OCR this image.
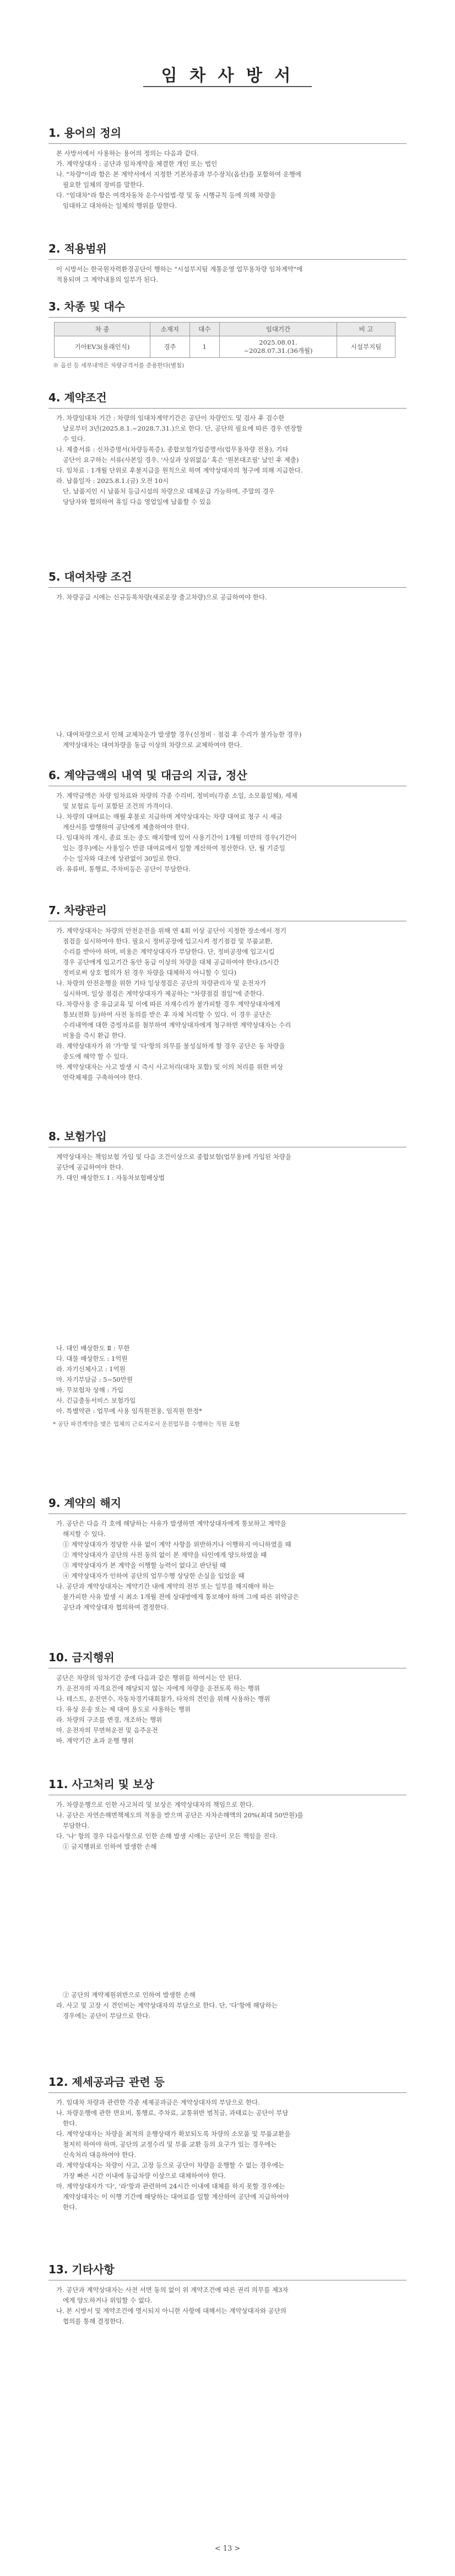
임 차 사 방 서
1. 용어의 정의

본 사방서에서 사용하는 용어의 정의는 다음과 같다.

가. 계약상대자 : 공단과 임차계약을 체결한 개인 또는 법인

나. "차량"이라 함은 본 계약서에서 지정한 기본차종과 부수장치(옵션)를 포함하여 운행에

필요한 일체의 장비를 말한다.

다. "임대차"라 함은 여객자동차 운수사업법·령 및 동 시행규칙 등에 의해 차량을

임대하고 대차하는 일체의 행위를 말한다.

2. 적용범위

이 시방서는 한국원자력환경공단이 행하는 "시설부지팀 계통운영 업무용차량 임차계약"에

적용되며 그 계약내용의 일부가 된다.

3. 차종 및 대수
차 종	소재지	대수	임대기간	비 고
기아EV3(용래인식)	경주	1	2025.08.01.
~2028.07.31.(36개월)	시설부지팀

※ 옵션 등 세부내역은 차량규격서를 준용한다(별첨)

4. 계약조건

가. 차량임대차 기간 : 차량의 임대차계약기간은 공단이 차량인도 및 검사 후 검수한

날로부터 3년(2025.8.1.~2028.7.31.)으로 한다. 단, 공단의 필요에 따른 경우 연장할

수 있다.

나. 제출서류 : 신차증명서(차량등록증), 종합보험가입증명서(업무용차량 전용), 기타

공단이 요구하는 서류(사본일 경우, '사실과 상위없음' 혹은 '원본대조필' 날인 후 제출)

다. 임차료 : 1개월 단위로 후불지급을 원칙으로 하며 계약상대자의 청구에 의해 지급한다.

라. 납품일자 : 2025.8.1.(금) 오전 10시

단, 납품지인 시 납품처 등급시설의 차량으로 대체운급 가능하며, 주말의 경우

당담자와 협의하여 휴일 다음 영업일에 납품할 수 있음

5. 대여차량 조건

가. 차량공급 시에는 신규등록차량(새로운장 출고차량)으로 공급하여야 한다.

나. 대여차량으로서 인해 교체차운가 발생할 경우(신정비 · 점검 후 수리가 불가능한 경우)

계약상대자는 대여차량을 동급 이상의 차량으로 교체하여야 한다.

6. 계약금액의 내역 및 대금의 지급, 정산

가. 계약금액은 차량 임차료와 차량의 각종 수리비, 정비비(각종 소일, 소모품일체), 세제

및 보험료 등이 포함된 조건의 가격이다.

나. 차량의 대여료는 매월 후불로 지급하며 계약상대자는 차량 대여료 청구 시 세금

계산서를 발행하여 공단에게 제출하여야 한다.

다. 임대차의 개시, 종료 또는 중도 해지함에 있어 사용기간이 1개월 미만의 경우(기간이

있는 경우)에는 사용일수 만큼 대여료에서 일할 계산하여 정산한다. 단, 월 기준일

수는 일자와 대조에 상관없이 30일로 한다.

라. 유류비, 통행료, 주차비등은 공단이 부담한다.

7. 차량관리

가. 계약상대자는 차량의 안전운전을 위해 연 4회 이상 공단이 지정한 장소에서 정기

점검을 실시하여야 한다. 필요시 정비공장에 입고시켜 정기점검 및 부품교환,

수리를 받아야 하며, 비용은 계약상대자가 부담한다. 단, 정비공장에 입고시킬

경우 공단에게 입고기간 동안 동급 이상의 차량을 대체 공급하여야 한다.(5시간

정비로써 상호 협의가 된 경우 차량을 대체하지 아니할 수 있다)

나. 차량의 안전운행을 위한 기타 일상정검은 공단의 차량관리자 및 운전자가

실시하며, 일상 점검은 계약상대자가 제공하는 "차량점검 점일"에 준한다.

다. 차량사용 중 유급교육 및 이에 따른 자재수리가 불가피할 경우 계약상대자에게

통보(전화 등)하여 사전 동의를 받은 후 자체 처리할 수 있다. 이 경우 공단은

수리내역에 대한 증빙자료를 첨부하여 계약상대자에게 청구하면 계약상대자는 수리

비용을 즉시 환급 한다.

라. 계약상대자가 위 '가'항 및 '다'항의 의무를 불성실하게 할 경우 공단은 동 차량을

중도에 해약 할 수 있다.

마. 계약상대자는 사고 발생 시 즉시 사고처리(대차 포함) 및 이의 처리를 위한 비상

연락체제를 구축하여야 한다.

8. 보험가입

계약상대자는 책임보험 가입 및 다음 조건이상으로 종합보험(업무용)에 가입된 차량을

공단에 공급하여야 한다.

가. 대인 배상한도 Ⅰ : 자동차보험배상법

나. 대인 배상한도 Ⅱ : 무한

다. 대물 배상한도 : 1억원

라. 자기신체사고 : 1억원

마. 자기부담금 : 5~50만원

바. 무보험차 상해 : 가입

사. 긴급출동서비스 보험가입

아. 특별약관 : 업무에 사용 임직원전용, 임직원 한정*

* 공단 파견계약을 맺은 업체의 근로자로서 운전업무를 수행하는 직원 포함

9. 계약의 해지

가. 공단은 다음 각 호에 해당하는 사유가 발생하면 계약상대자에게 통보하고 계약을

해지할 수 있다.

① 계약상대자가 정당한 사유 없이 계약 사항을 위반하거나 이행하지 아니하였을 때

② 계약상대자가 공단의 사전 동의 없이 본 계약을 타인에게 양도하였을 때

③ 계약상대자가 본 계약을 이행할 능력이 없다고 판단될 때

④ 계약상대자가 인하여 공단의 업무수행 상당한 손실을 입었을 때

나. 공단과 계약상대자는 계약기간 내에 계약의 전부 또는 일부를 해지해야 하는

불가피한 사유 발생 시 최소 1개월 전에 상대방에게 통보해야 하며 그에 따른 위약금은

공단과 계약상대자 협의하여 결정한다.

10. 금지행위

공단은 차량의 임차기간 중에 다음과 같은 행위를 하여서는 안 된다.

가. 운전자의 자격요건에 해당되지 않는 자에게 차량을 운전토록 하는 행위

나. 테스트, 운전연수, 자동차경기대회참가, 타차의 견인을 위해 사용하는 행위

다. 유상 운송 또는 제 대여 용도로 사용하는 행위

라. 차량의 구조를 변경, 개조하는 행위

마. 운전자의 무면허운전 및 음주운전

바. 계약기간 초과 운행 행위

11. 사고처리 및 보상

가. 차량운행으로 인한 사고처리 및 보상은 계약상대자의 책임으로 한다.

나. 공단은 자연손해면책제도의 적용을 받으며 공단은 자차손해액의 20%(최대 50만원)를

부담한다.

다. '나' 항의 경우 다음사항으로 인한 손해 발생 시에는 공단이 모든 책임을 진다.

① 금지행위로 인하여 발생한 손해

② 공단의 계약제원위반으로 인하여 발생한 손해

라. 사고 및 고장 시 견인비는 계약상대자의 부담으로 한다. 단, '다'항에 해당하는

경우에는 공단이 부담으로 한다.

12. 제세공과금 관련 등

가. 임대차 차량과 관련한 각종 세제공과금은 계약상대자의 부담으로 한다.

나. 차량운행에 관한 면요비, 통행료, 주차료, 교통위반 범칙금, 과태료는 공단이 부담

한다.

다. 계약상대자는 차량을 최적의 운행상태가 확보되도록 차량의 소모품 및 부품교환을

철저히 하여야 하며, 공단의 교정수리 및 부품 교환 등의 요구가 있는 경우에는

신속처리 대응하여야 한다.

라. 계약상대자는 차량이 사고, 고장 등으로 공단이 차량을 운행할 수 없는 경우에는

가장 빠른 시간 이내에 동급차량 이상으로 대체하여야 한다.

마. 계약상대자가 '다', '라'항과 관련하여 24시간 이내에 대체를 하지 못할 경우에는

계약상대자는 이 이행 기간에 해당하는 대여료를 일할 계산하여 공단에 지급하여야

한다.

13. 기타사항

가. 공단과 계약상대자는 사전 서면 동의 없이 위 계약조건에 따른 권리 의무를 제3자

에게 양도하거나 위임할 수 없다.

나. 본 시방서 및 계약조건에 명시되지 아니한 사항에 대해서는 계약상대자와 공단의

협의를 통해 결정한다.

< 13 >
